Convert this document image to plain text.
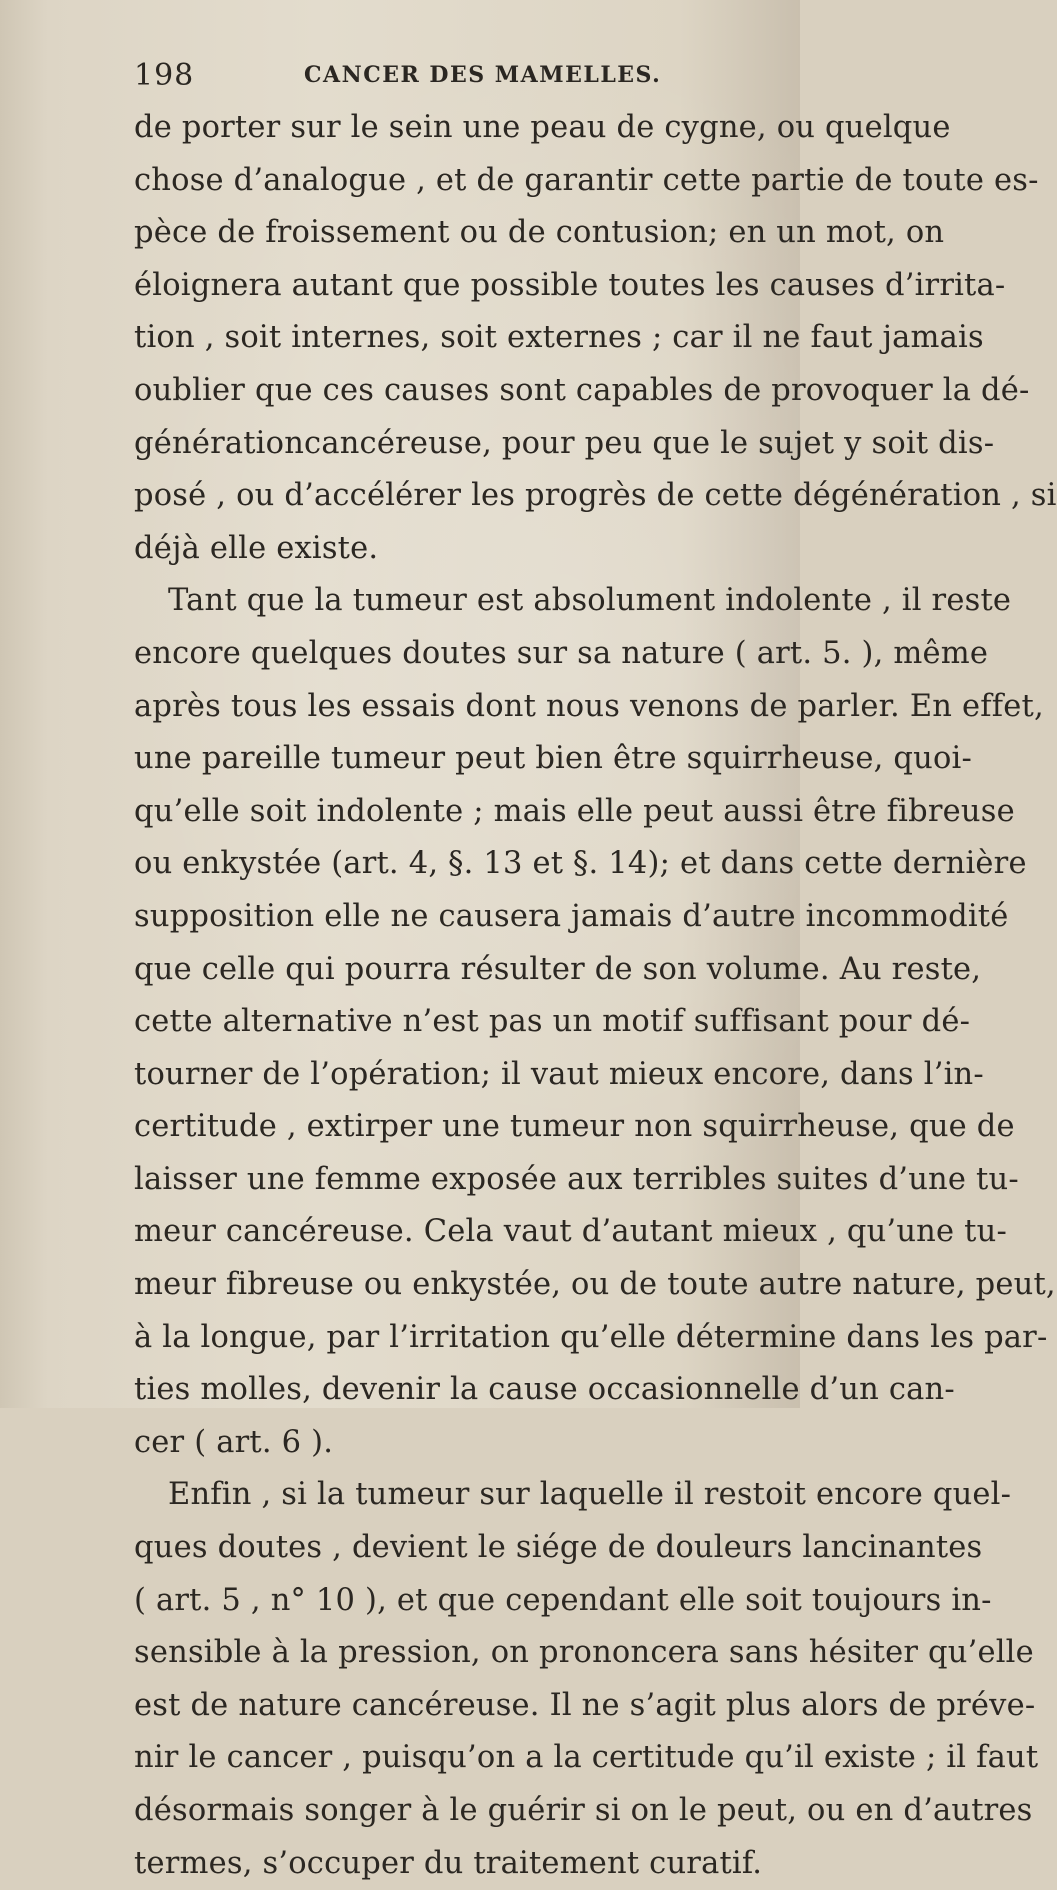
198	CANCER DES MAMELLES.
de porter sur le sein une peau de cygne, ou quelque
chose d’analogue , et de garantir cette partie de toute es-
pèce de froissement ou de contusion; en un mot, on
éloignera autant que possible toutes les causes d’irrita-
tion , soit internes, soit externes ; car il ne faut jamais
oublier que ces causes sont capables de provoquer la dé-
générationcancéreuse, pour peu que le sujet y soit dis-
posé , ou d’accélérer les progrès de cette dégénération , si
déjà elle existe.
Tant que la tumeur est absolument indolente , il reste
encore quelques doutes sur sa nature ( art. 5. ), même
après tous les essais dont nous venons de parler. En effet,
une pareille tumeur peut bien être squirrheuse, quoi-
qu’elle soit indolente ; mais elle peut aussi être fibreuse
ou enkystée (art. 4, §. 13 et §. 14); et dans cette dernière
supposition elle ne causera jamais d’autre incommodité
que celle qui pourra résulter de son volume. Au reste,
cette alternative n’est pas un motif suffisant pour dé-
tourner de l’opération; il vaut mieux encore, dans l’in-
certitude , extirper une tumeur non squirrheuse, que de
laisser une femme exposée aux terribles suites d’une tu-
meur cancéreuse. Cela vaut d’autant mieux , qu’une tu-
meur fibreuse ou enkystée, ou de toute autre nature, peut,
à la longue, par l’irritation qu’elle détermine dans les par-
ties molles, devenir la cause occasionnelle d’un can-
cer ( art. 6 ).
Enfin , si la tumeur sur laquelle il restoit encore quel-
ques doutes , devient le siége de douleurs lancinantes
( art. 5 , n° 10 ), et que cependant elle soit toujours in-
sensible à la pression, on prononcera sans hésiter qu’elle
est de nature cancéreuse. Il ne s’agit plus alors de préve-
nir le cancer , puisqu’on a la certitude qu’il existe ; il faut
désormais songer à le guérir si on le peut, ou en d’autres
termes, s’occuper du traitement curatif.
